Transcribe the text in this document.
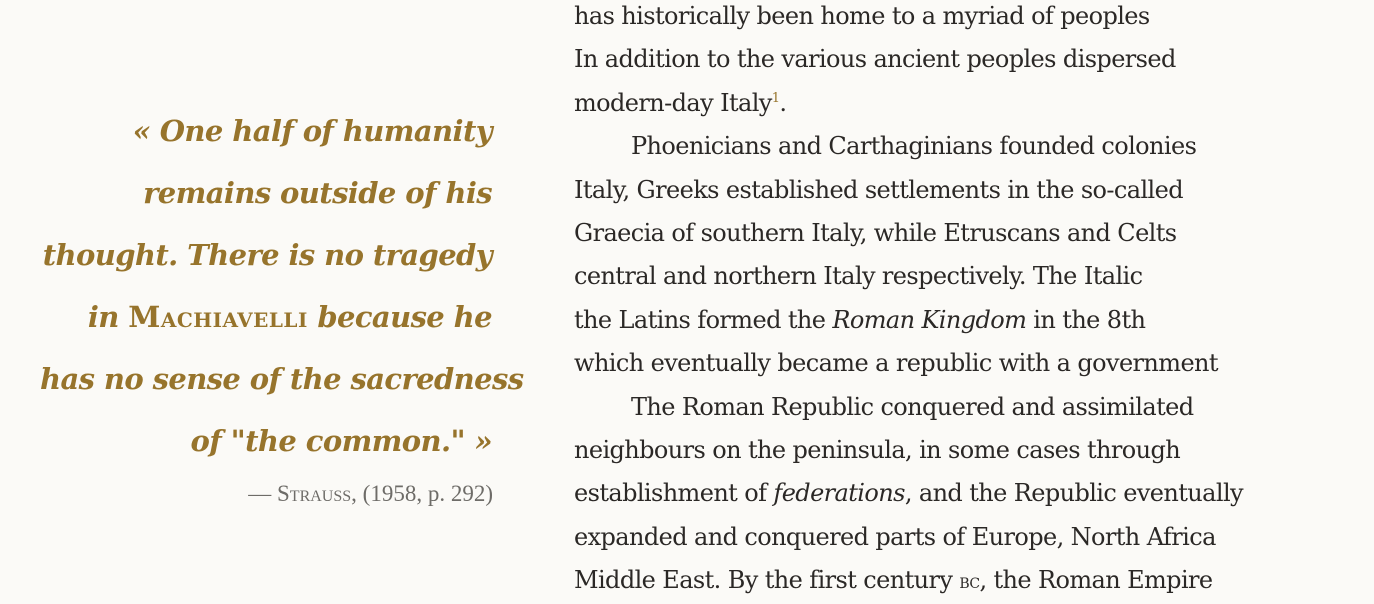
« One half of humanity
remains outside of his
thought. There is no tragedy
in Machiavelli because he
has no sense of the sacredness
of "the common." »
— Strauss, (1958, p. 292)
has historically been home to a myriad of peoples
In addition to the various ancient peoples dispersed
modern-day Italy$^1$.
Phoenicians and Carthaginians founded colonies
Italy, Greeks established settlements in the so-called
Graecia of southern Italy, while Etruscans and Celts
central and northern Italy respectively. The Italic
the Latins formed the Roman Kingdom in the 8th
which eventually became a republic with a government
The Roman Republic conquered and assimilated
neighbours on the peninsula, in some cases through
establishment of federations, and the Republic eventually
expanded and conquered parts of Europe, North Africa
Middle East. By the first century bc, the Roman Empire
